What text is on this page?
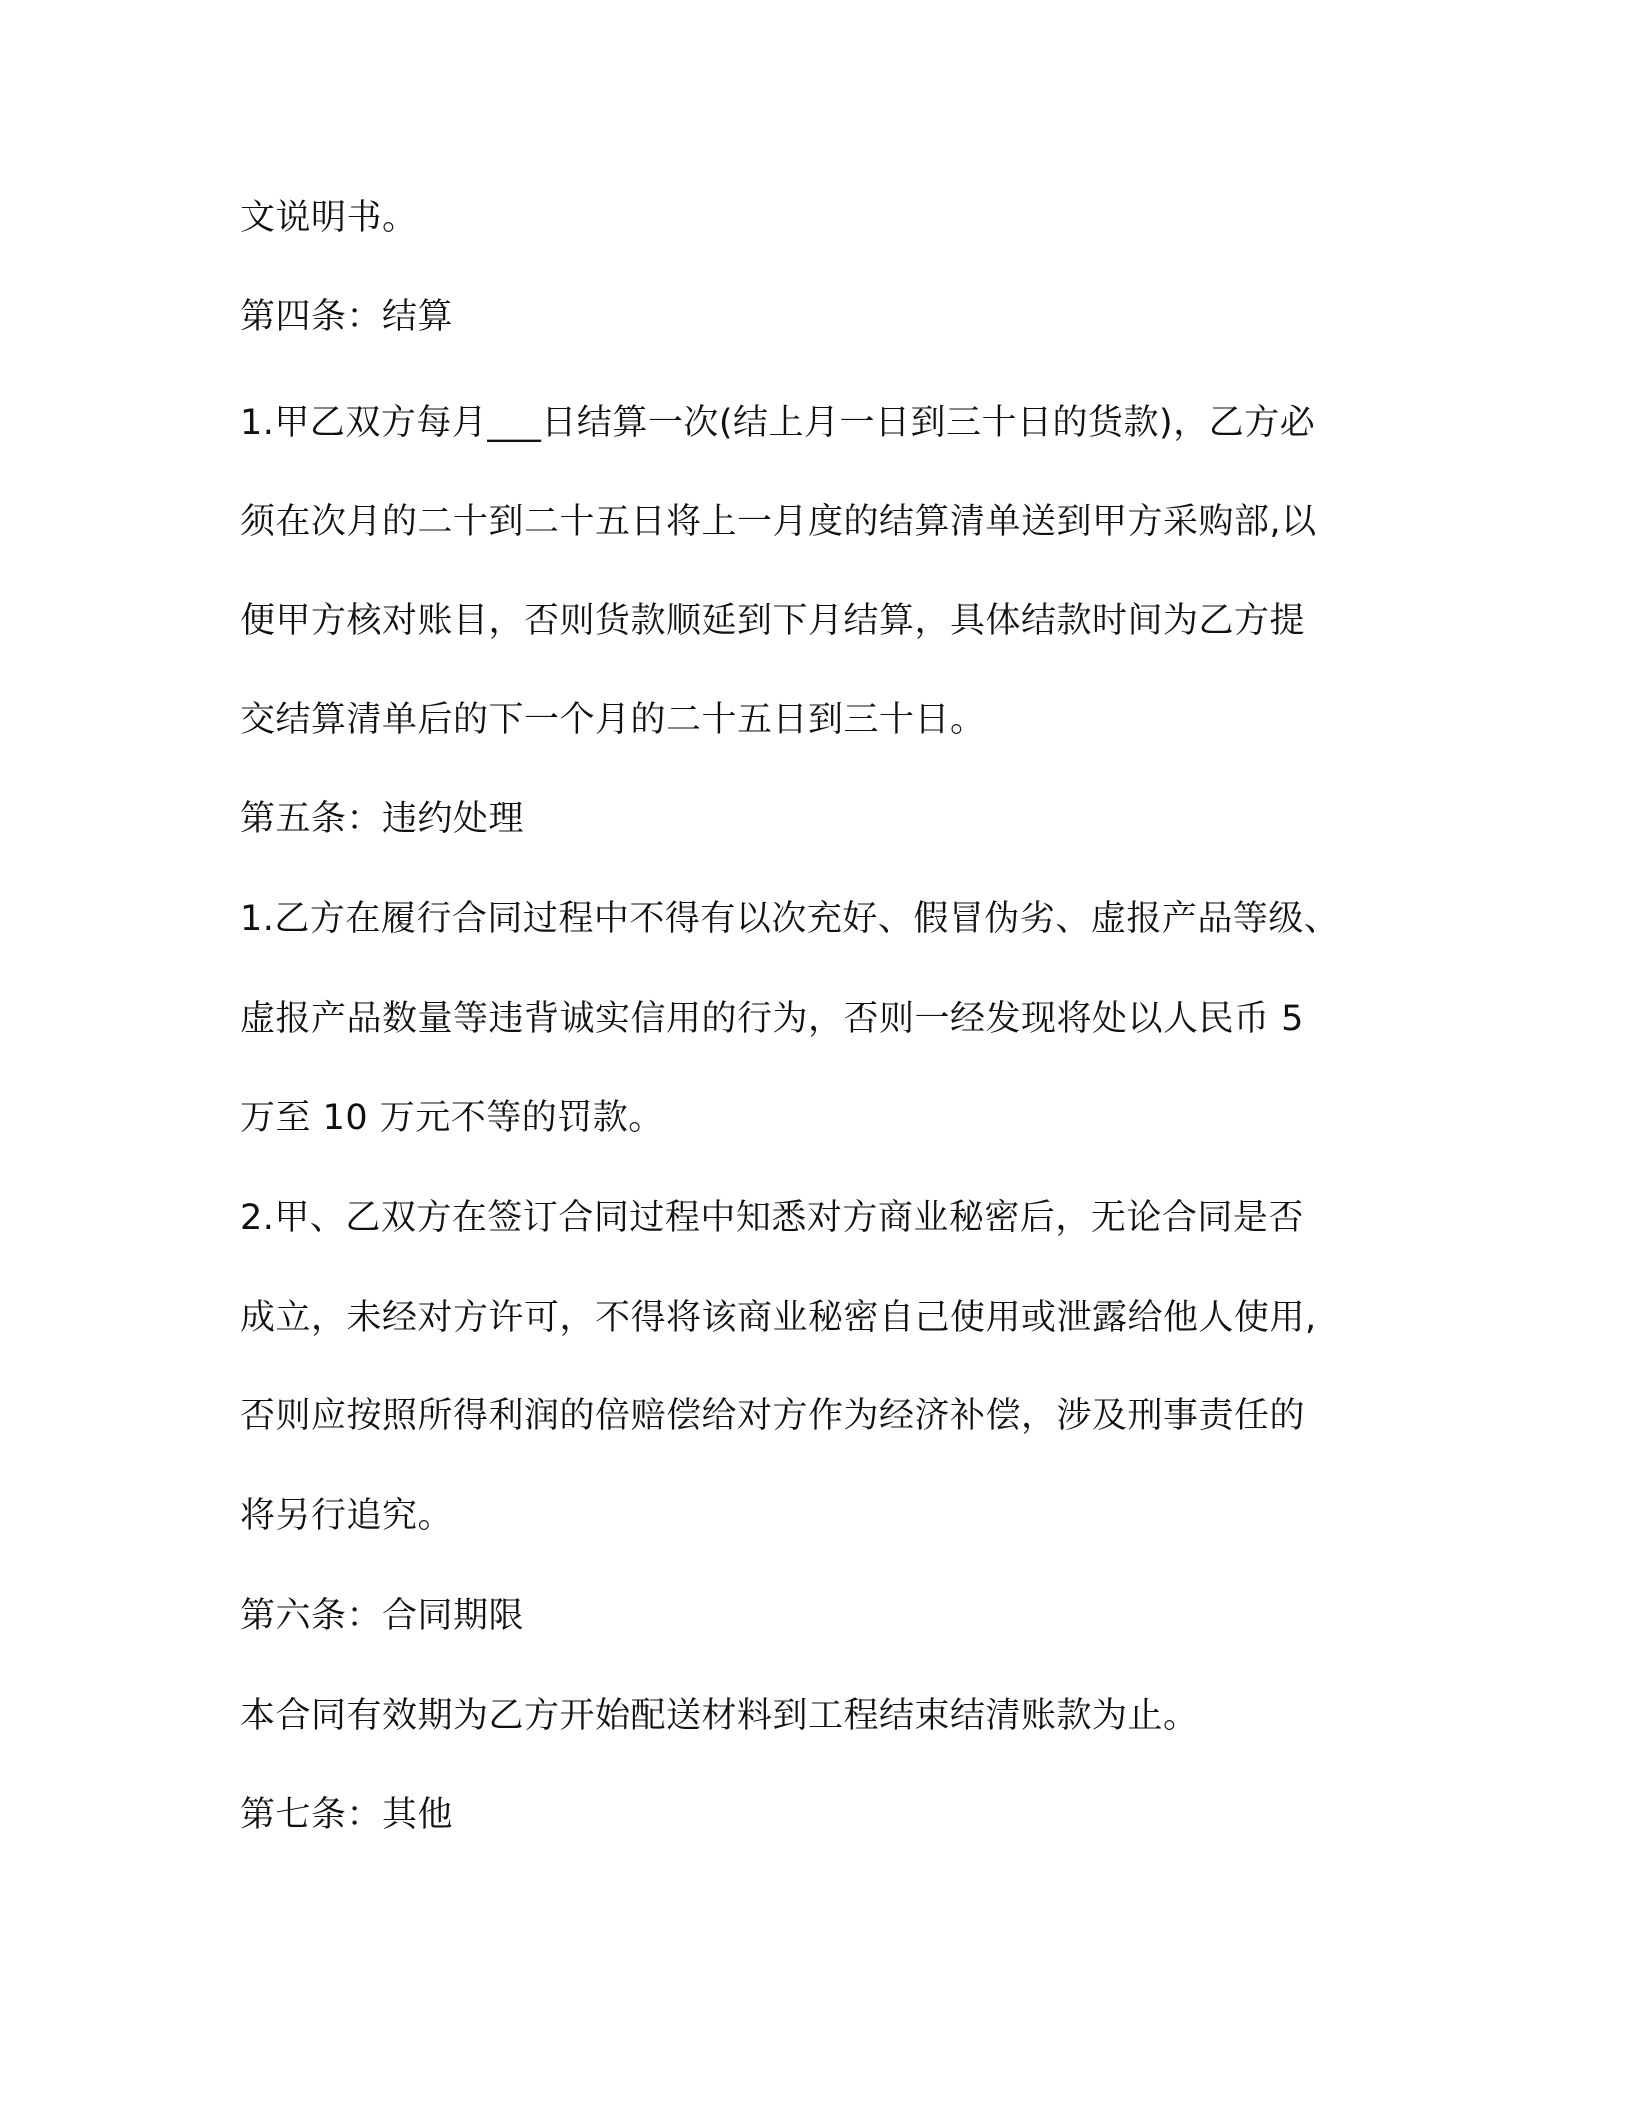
文说明书。
第四条：结算
1.甲乙双方每月___日结算一次(结上月一日到三十日的货款)，乙方必
须在次月的二十到二十五日将上一月度的结算清单送到甲方采购部,以
便甲方核对账目，否则货款顺延到下月结算，具体结款时间为乙方提
交结算清单后的下一个月的二十五日到三十日。
第五条：违约处理
1.乙方在履行合同过程中不得有以次充好、假冒伪劣、虚报产品等级、
虚报产品数量等违背诚实信用的行为，否则一经发现将处以人民币 5
万至 10 万元不等的罚款。
2.甲、乙双方在签订合同过程中知悉对方商业秘密后，无论合同是否
成立，未经对方许可，不得将该商业秘密自己使用或泄露给他人使用,
否则应按照所得利润的倍赔偿给对方作为经济补偿，涉及刑事责任的
将另行追究。
第六条：合同期限
本合同有效期为乙方开始配送材料到工程结束结清账款为止。
第七条：其他
